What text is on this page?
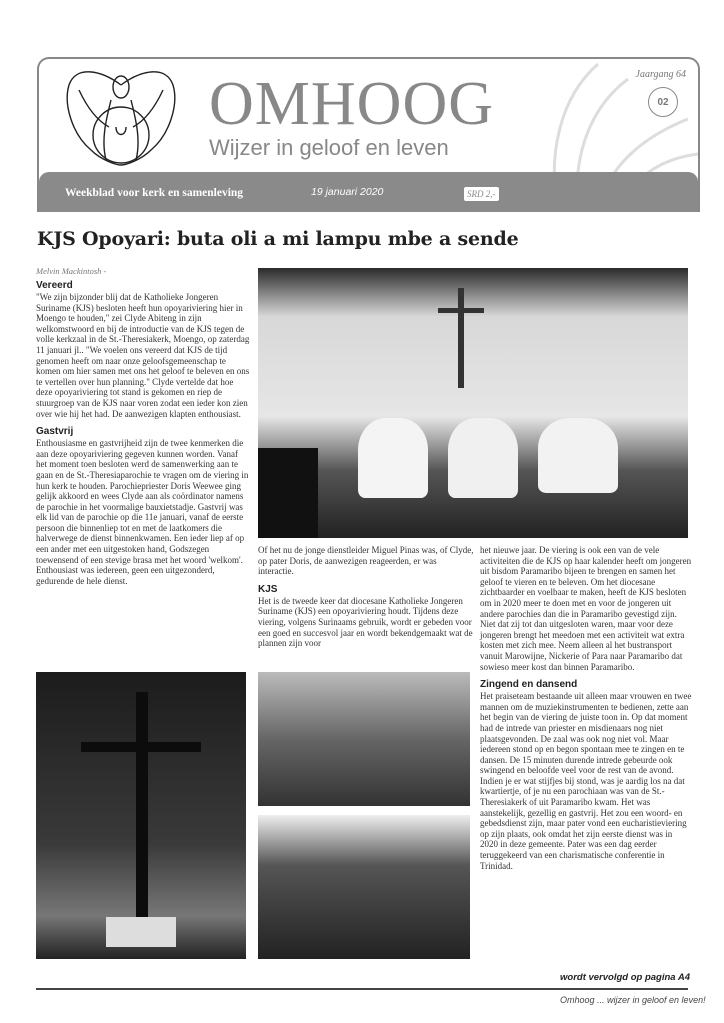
OMHOOG
Wijzer in geloof en leven
Jaargang 64
02
Weekblad voor kerk en samenleving	19 januari 2020	SRD 2,-
KJS Opoyari: buta oli a mi lampu mbe a sende
Melvin Mackintosh -
Vereerd

"We zijn bijzonder blij dat de Katholieke Jongeren Suriname (KJS) besloten heeft hun opoyariviering hier in Moengo te houden," zei Clyde Abiteng in zijn welkomstwoord en bij de introductie van de KJS tegen de volle kerkzaal in de St.-Theresiakerk, Moengo, op zaterdag 11 januari jl.. "We voelen ons vereerd dat KJS de tijd genomen heeft om naar onze geloofsgemeenschap te komen om hier samen met ons het geloof te beleven en ons te vertellen over hun planning." Clyde vertelde dat hoe deze opoyariviering tot stand is gekomen en riep de stuurgroep van de KJS naar voren zodat een ieder kon zien over wie hij het had. De aanwezigen klapten enthousiast.

Gastvrij

Enthousiasme en gastvrijheid zijn de twee kenmerken die aan deze opoyariviering gegeven kunnen worden. Vanaf het moment toen besloten werd de samenwerking aan te gaan en de St.-Theresiaparochie te vragen om de viering in hun kerk te houden. Parochiepriester Doris Weewee ging gelijk akkoord en wees Clyde aan als coördinator namens de parochie in het voormalige bauxietstadje. Gastvrij was elk lid van de parochie op die 11e januari, vanaf de eerste persoon die binnenliep tot en met de laatkomers die halverwege de dienst binnenkwamen. Een ieder liep af op een ander met een uitgestoken hand, Godszegen toewensend of een stevige brasa met het woord 'welkom'. Enthousiast was iedereen, geen een uitgezonderd, gedurende de hele dienst.

Of het nu de jonge dienstleider Miguel Pinas was, of Clyde, op pater Doris, de aanwezigen reageerden, er was interactie.

KJS

Het is de tweede keer dat diocesane Katholieke Jongeren Suriname (KJS) een opoyariviering houdt. Tijdens deze viering, volgens Surinaams gebruik, wordt er gebeden voor een goed en succesvol jaar en wordt bekendgemaakt wat de plannen zijn voor

het nieuwe jaar. De viering is ook een van de vele activiteiten die de KJS op haar kalender heeft om jongeren uit bisdom Paramaribo bijeen te brengen en samen het geloof te vieren en te beleven. Om het diocesane zichtbaarder en voelbaar te maken, heeft de KJS besloten om in 2020 meer te doen met en voor de jongeren uit andere parochies dan die in Paramaribo gevestigd zijn. Niet dat zij tot dan uitgesloten waren, maar voor deze jongeren brengt het meedoen met een activiteit wat extra kosten met zich mee. Neem alleen al het bustransport vanuit Marowijne, Nickerie of Para naar Paramaribo dat sowieso meer kost dan binnen Paramaribo.

Zingend en dansend

Het praiseteam bestaande uit alleen maar vrouwen en twee mannen om de muziekinstrumenten te bedienen, zette aan het begin van de viering de juiste toon in. Op dat moment had de intrede van priester en misdienaars nog niet plaatsgevonden. De zaal was ook nog niet vol. Maar iedereen stond op en begon spontaan mee te zingen en te dansen. De 15 minuten durende intrede gebeurde ook swingend en beloofde veel voor de rest van de avond. Indien je er wat stijfjes bij stond, was je aardig los na dat kwartiertje, of je nu een parochiaan was van de St.-Theresiakerk of uit Paramaribo kwam. Het was aanstekelijk, gezellig en gastvrij. Het zou een woord- en gebedsdienst zijn, maar pater vond een eucharistieviering op zijn plaats, ook omdat het zijn eerste dienst was in 2020 in deze gemeente. Pater was een dag eerder teruggekeerd van een charismatische conferentie in Trinidad.

wordt vervolgd op pagina A4
Omhoog ... wijzer in geloof en leven!
